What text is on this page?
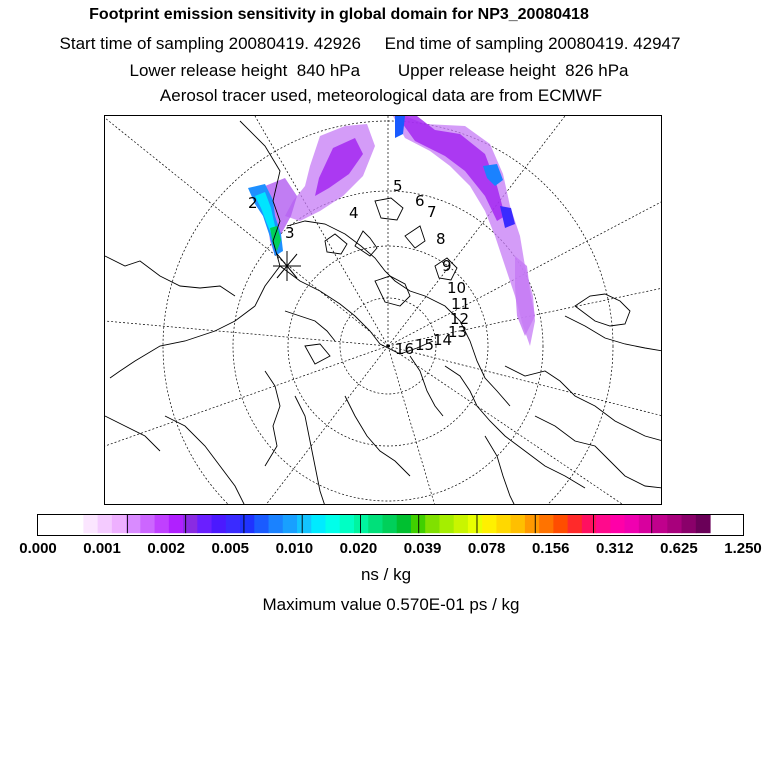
Footprint emission sensitivity in global domain for NP3_20080418
Start time of sampling 20080419. 42926     End time of sampling 20080419. 42947
Lower release height  840 hPa        Upper release height  826 hPa
Aerosol tracer used, meteorological data are from ECMWF
2
3
4
5
6
7
8
9
10
11
12
13
14
15
16
0.000 0.001 0.002 0.005 0.010 0.020 0.039 0.078 0.156 0.312 0.625 1.250
ns / kg
Maximum value 0.570E-01 ps / kg
